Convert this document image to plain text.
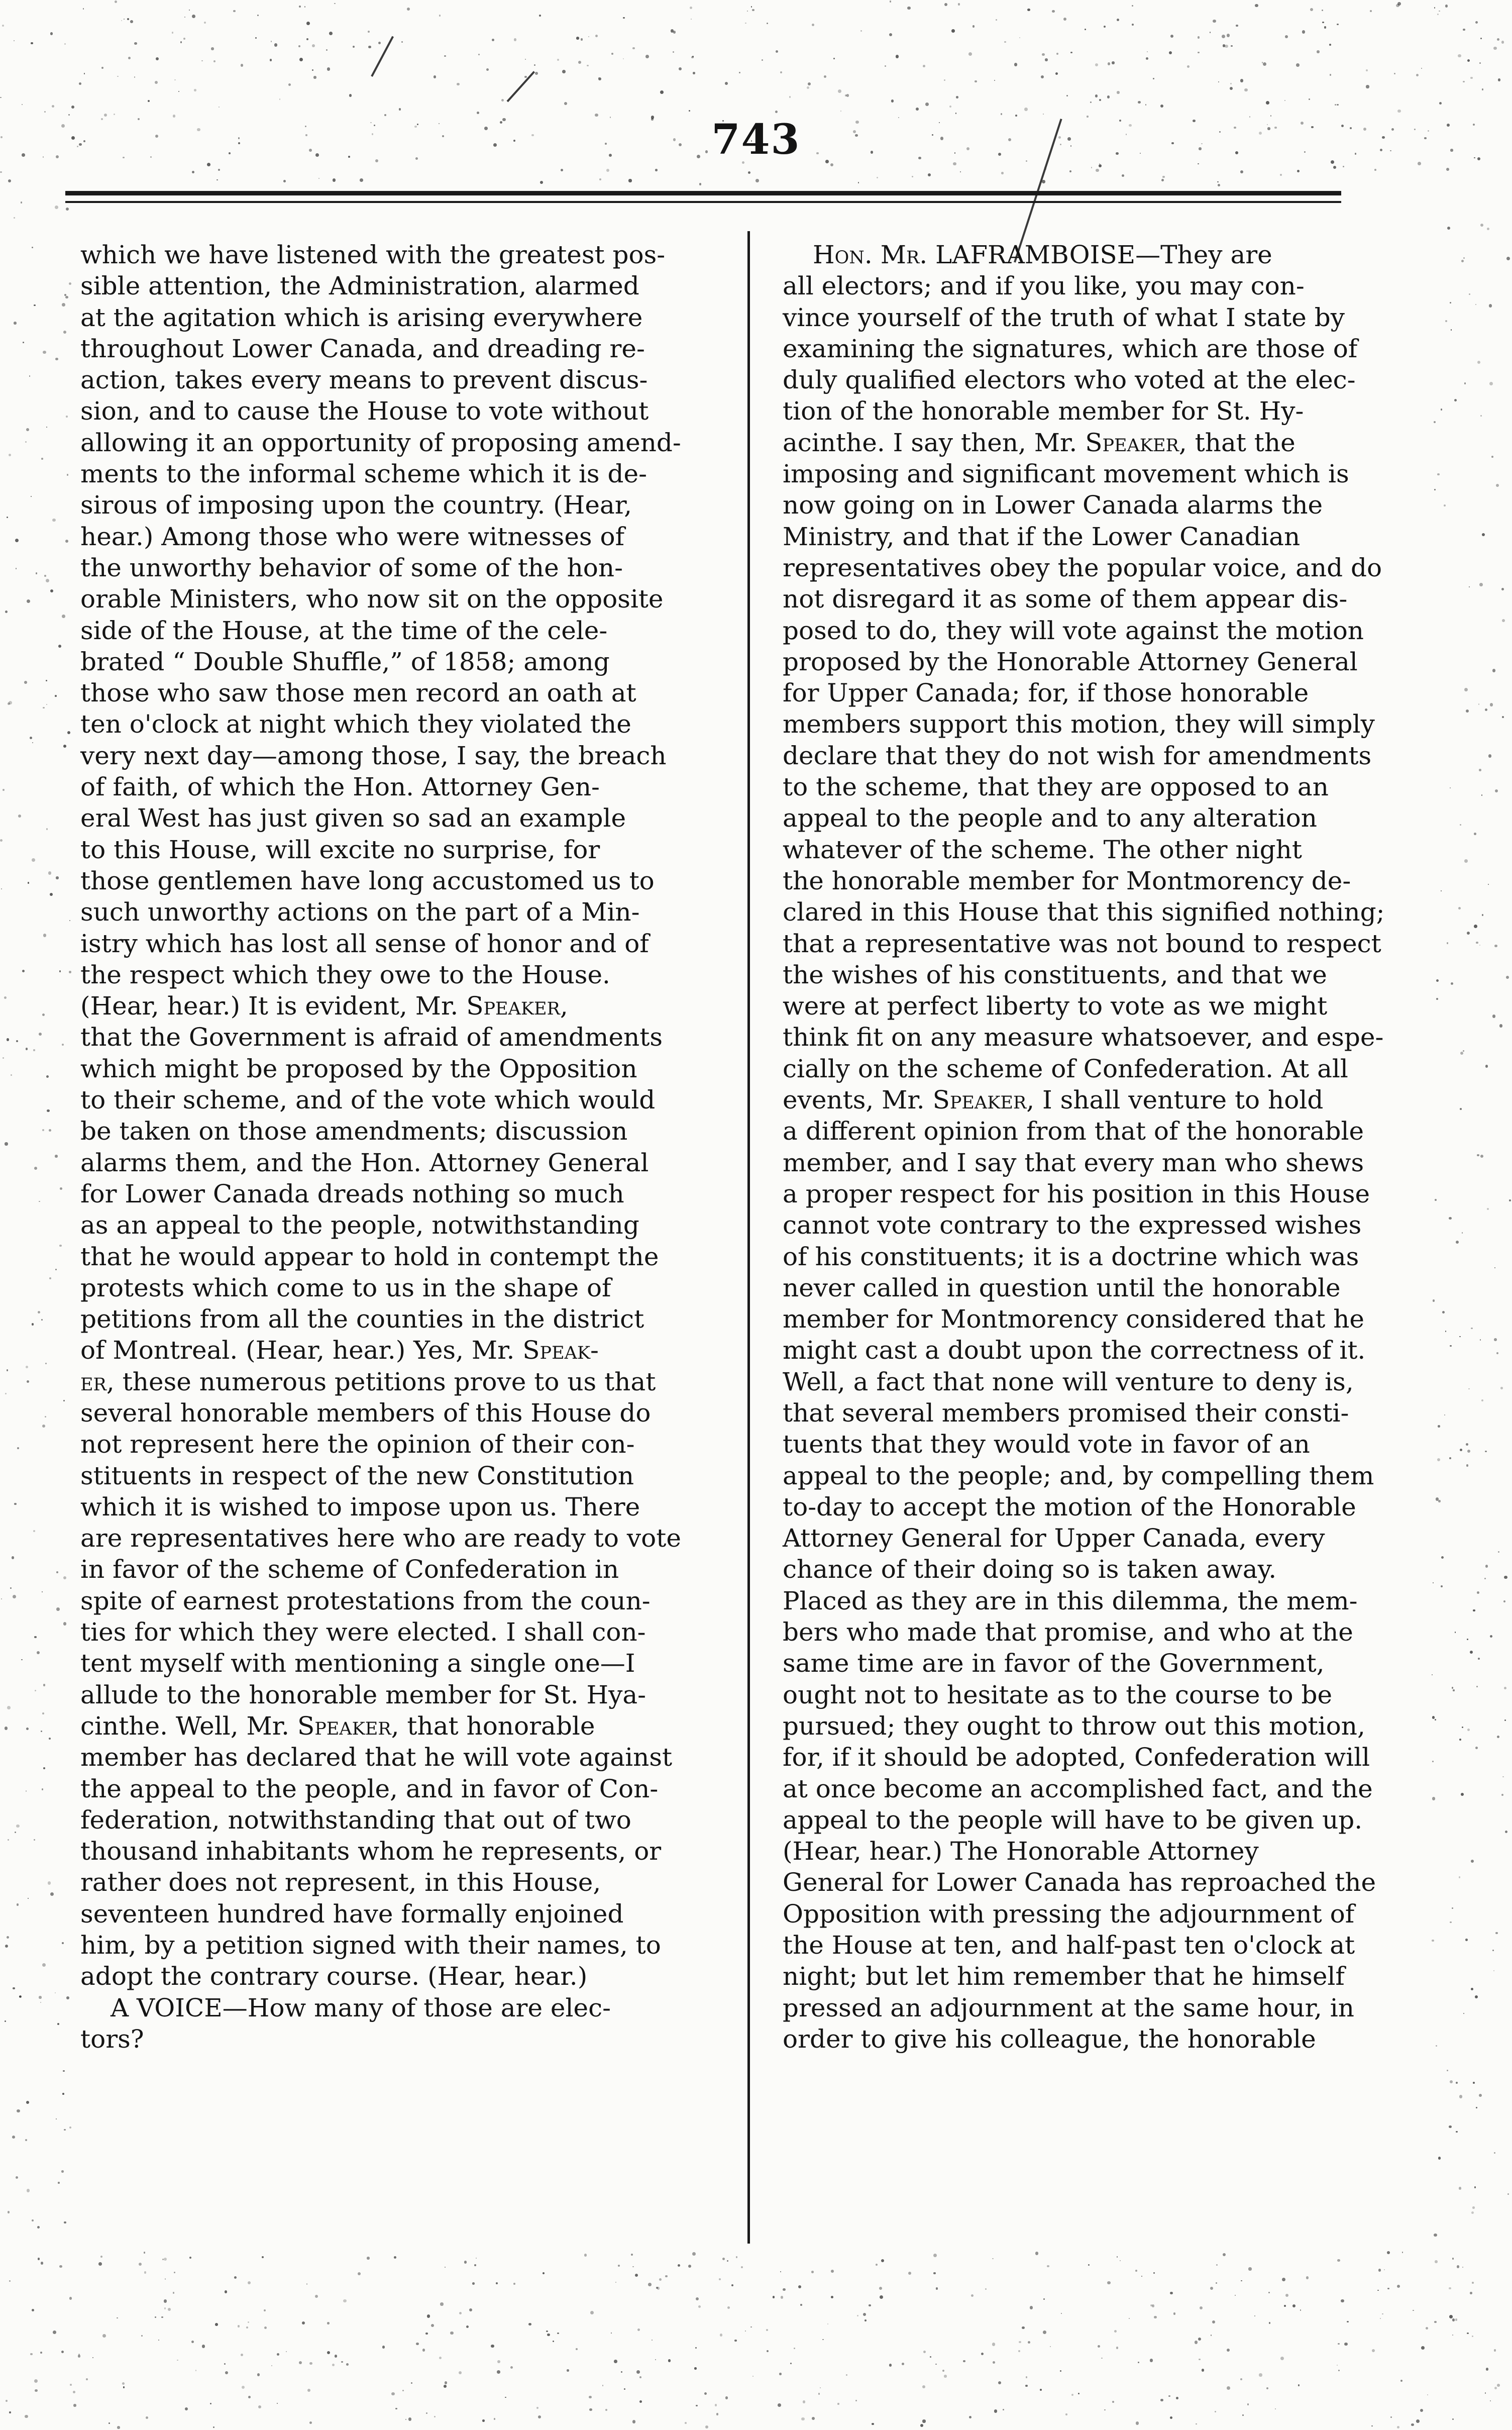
743
which we have listened with the greatest pos-
sible attention, the Administration, alarmed
at the agitation which is arising everywhere
throughout Lower Canada, and dreading re-
action, takes every means to prevent discus-
sion, and to cause the House to vote without
allowing it an opportunity of proposing amend-
ments to the informal scheme which it is de-
sirous of imposing upon the country. (Hear,
hear.) Among those who were witnesses of
the unworthy behavior of some of the hon-
orable Ministers, who now sit on the opposite
side of the House, at the time of the cele-
brated “ Double Shuffle,” of 1858; among
those who saw those men record an oath at
ten o'clock at night which they violated the
very next day—among those, I say, the breach
of faith, of which the Hon. Attorney Gen-
eral West has just given so sad an example
to this House, will excite no surprise, for
those gentlemen have long accustomed us to
such unworthy actions on the part of a Min-
istry which has lost all sense of honor and of
the respect which they owe to the House.
(Hear, hear.) It is evident, Mr. Speaker,
that the Government is afraid of amendments
which might be proposed by the Opposition
to their scheme, and of the vote which would
be taken on those amendments; discussion
alarms them, and the Hon. Attorney General
for Lower Canada dreads nothing so much
as an appeal to the people, notwithstanding
that he would appear to hold in contempt the
protests which come to us in the shape of
petitions from all the counties in the district
of Montreal. (Hear, hear.) Yes, Mr. Speak-
er, these numerous petitions prove to us that
several honorable members of this House do
not represent here the opinion of their con-
stituents in respect of the new Constitution
which it is wished to impose upon us. There
are representatives here who are ready to vote
in favor of the scheme of Confederation in
spite of earnest protestations from the coun-
ties for which they were elected. I shall con-
tent myself with mentioning a single one—I
allude to the honorable member for St. Hya-
cinthe. Well, Mr. Speaker, that honorable
member has declared that he will vote against
the appeal to the people, and in favor of Con-
federation, notwithstanding that out of two
thousand inhabitants whom he represents, or
rather does not represent, in this House,
seventeen hundred have formally enjoined
him, by a petition signed with their names, to
adopt the contrary course. (Hear, hear.)
A VOICE—How many of those are elec-
tors?
Hon. Mr. LAFRAMBOISE—They are
all electors; and if you like, you may con-
vince yourself of the truth of what I state by
examining the signatures, which are those of
duly qualified electors who voted at the elec-
tion of the honorable member for St. Hy-
acinthe. I say then, Mr. Speaker, that the
imposing and significant movement which is
now going on in Lower Canada alarms the
Ministry, and that if the Lower Canadian
representatives obey the popular voice, and do
not disregard it as some of them appear dis-
posed to do, they will vote against the motion
proposed by the Honorable Attorney General
for Upper Canada; for, if those honorable
members support this motion, they will simply
declare that they do not wish for amendments
to the scheme, that they are opposed to an
appeal to the people and to any alteration
whatever of the scheme. The other night
the honorable member for Montmorency de-
clared in this House that this signified nothing;
that a representative was not bound to respect
the wishes of his constituents, and that we
were at perfect liberty to vote as we might
think fit on any measure whatsoever, and espe-
cially on the scheme of Confederation. At all
events, Mr. Speaker, I shall venture to hold
a different opinion from that of the honorable
member, and I say that every man who shews
a proper respect for his position in this House
cannot vote contrary to the expressed wishes
of his constituents; it is a doctrine which was
never called in question until the honorable
member for Montmorency considered that he
might cast a doubt upon the correctness of it.
Well, a fact that none will venture to deny is,
that several members promised their consti-
tuents that they would vote in favor of an
appeal to the people; and, by compelling them
to-day to accept the motion of the Honorable
Attorney General for Upper Canada, every
chance of their doing so is taken away.
Placed as they are in this dilemma, the mem-
bers who made that promise, and who at the
same time are in favor of the Government,
ought not to hesitate as to the course to be
pursued; they ought to throw out this motion,
for, if it should be adopted, Confederation will
at once become an accomplished fact, and the
appeal to the people will have to be given up.
(Hear, hear.) The Honorable Attorney
General for Lower Canada has reproached the
Opposition with pressing the adjournment of
the House at ten, and half-past ten o'clock at
night; but let him remember that he himself
pressed an adjournment at the same hour, in
order to give his colleague, the honorable
